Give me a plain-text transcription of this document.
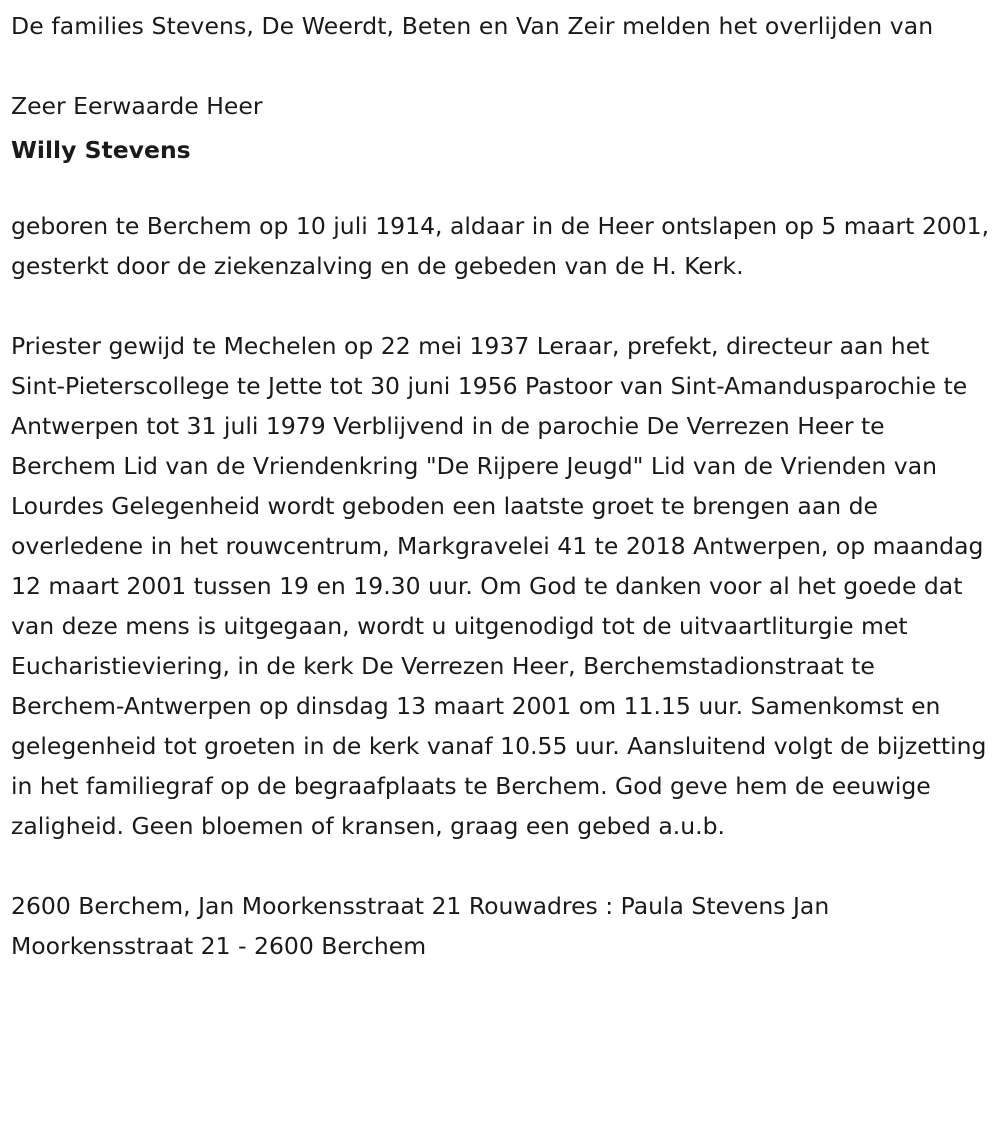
De families Stevens, De Weerdt, Beten en Van Zeir melden het overlijden van

Zeer Eerwaarde Heer

Willy Stevens

geboren te Berchem op 10 juli 1914, aldaar in de Heer ontslapen op 5 maart 2001, gesterkt door de ziekenzalving en de gebeden van de H. Kerk.

Priester gewijd te Mechelen op 22 mei 1937 Leraar, prefekt, directeur aan het Sint-Pieterscollege te Jette tot 30 juni 1956 Pastoor van Sint-Amandusparochie te Antwerpen tot 31 juli 1979 Verblijvend in de parochie De Verrezen Heer te Berchem Lid van de Vriendenkring "De Rijpere Jeugd" Lid van de Vrienden van Lourdes Gelegenheid wordt geboden een laatste groet te brengen aan de overledene in het rouwcentrum, Markgravelei 41 te 2018 Antwerpen, op maandag 12 maart 2001 tussen 19 en 19.30 uur. Om God te danken voor al het goede dat van deze mens is uitgegaan, wordt u uitgenodigd tot de uitvaartliturgie met Eucharistieviering, in de kerk De Verrezen Heer, Berchemstadionstraat te Berchem-Antwerpen op dinsdag 13 maart 2001 om 11.15 uur. Samenkomst en gelegenheid tot groeten in de kerk vanaf 10.55 uur. Aansluitend volgt de bijzetting in het familiegraf op de begraafplaats te Berchem. God geve hem de eeuwige zaligheid. Geen bloemen of kransen, graag een gebed a.u.b.

2600 Berchem, Jan Moorkensstraat 21 Rouwadres : Paula Stevens Jan Moorkensstraat 21 - 2600 Berchem
